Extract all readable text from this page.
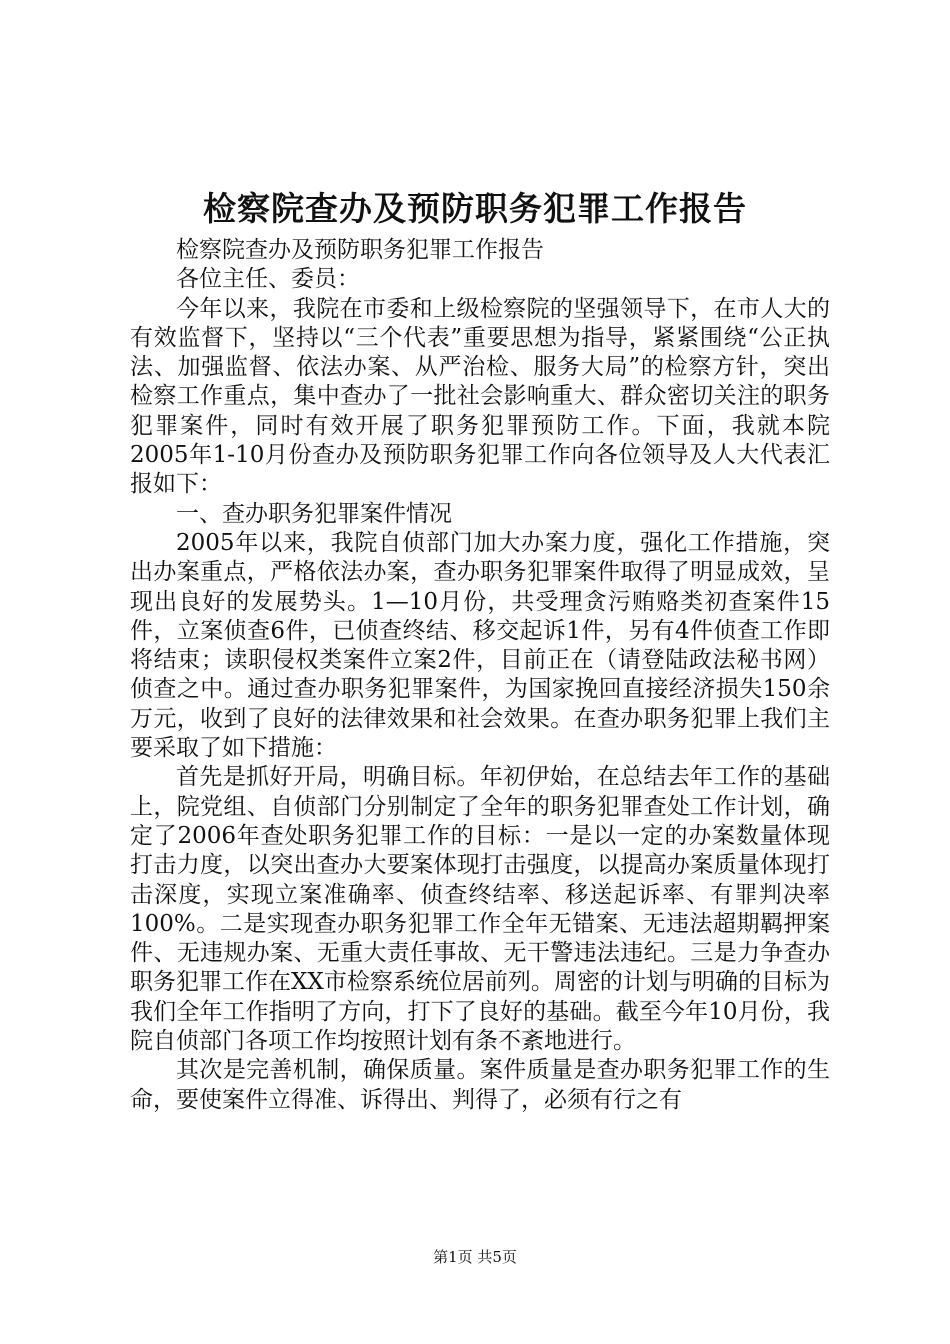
检察院查办及预防职务犯罪工作报告

检察院查办及预防职务犯罪工作报告

各位主任、委员：

今年以来，我院在市委和上级检察院的坚强领导下，在市人大的有效监督下，坚持以“三个代表”重要思想为指导，紧紧围绕“公正执法、加强监督、依法办案、从严治检、服务大局”的检察方针，突出检察工作重点，集中查办了一批社会影响重大、群众密切关注的职务犯罪案件，同时有效开展了职务犯罪预防工作。下面，我就本院2005年1-10月份查办及预防职务犯罪工作向各位领导及人大代表汇报如下：

一、查办职务犯罪案件情况

2005年以来，我院自侦部门加大办案力度，强化工作措施，突出办案重点，严格依法办案，查办职务犯罪案件取得了明显成效，呈现出良好的发展势头。1—10月份，共受理贪污贿赂类初查案件15件，立案侦查6件，已侦查终结、移交起诉1件，另有4件侦查工作即将结束；读职侵权类案件立案2件，目前正在（请登陆政法秘书网）侦查之中。通过查办职务犯罪案件，为国家挽回直接经济损失150余万元，收到了良好的法律效果和社会效果。在查办职务犯罪上我们主要采取了如下措施：

首先是抓好开局，明确目标。年初伊始，在总结去年工作的基础上，院党组、自侦部门分别制定了全年的职务犯罪查处工作计划，确定了2006年查处职务犯罪工作的目标：一是以一定的办案数量体现打击力度，以突出查办大要案体现打击强度，以提高办案质量体现打击深度，实现立案准确率、侦查终结率、移送起诉率、有罪判决率100%。二是实现查办职务犯罪工作全年无错案、无违法超期羁押案件、无违规办案、无重大责任事故、无干警违法违纪。三是力争查办职务犯罪工作在XX市检察系统位居前列。周密的计划与明确的目标为我们全年工作指明了方向，打下了良好的基础。截至今年10月份，我院自侦部门各项工作均按照计划有条不紊地进行。

其次是完善机制，确保质量。案件质量是查办职务犯罪工作的生命，要使案件立得准、诉得出、判得了，必须有行之有

第1页 共5页
